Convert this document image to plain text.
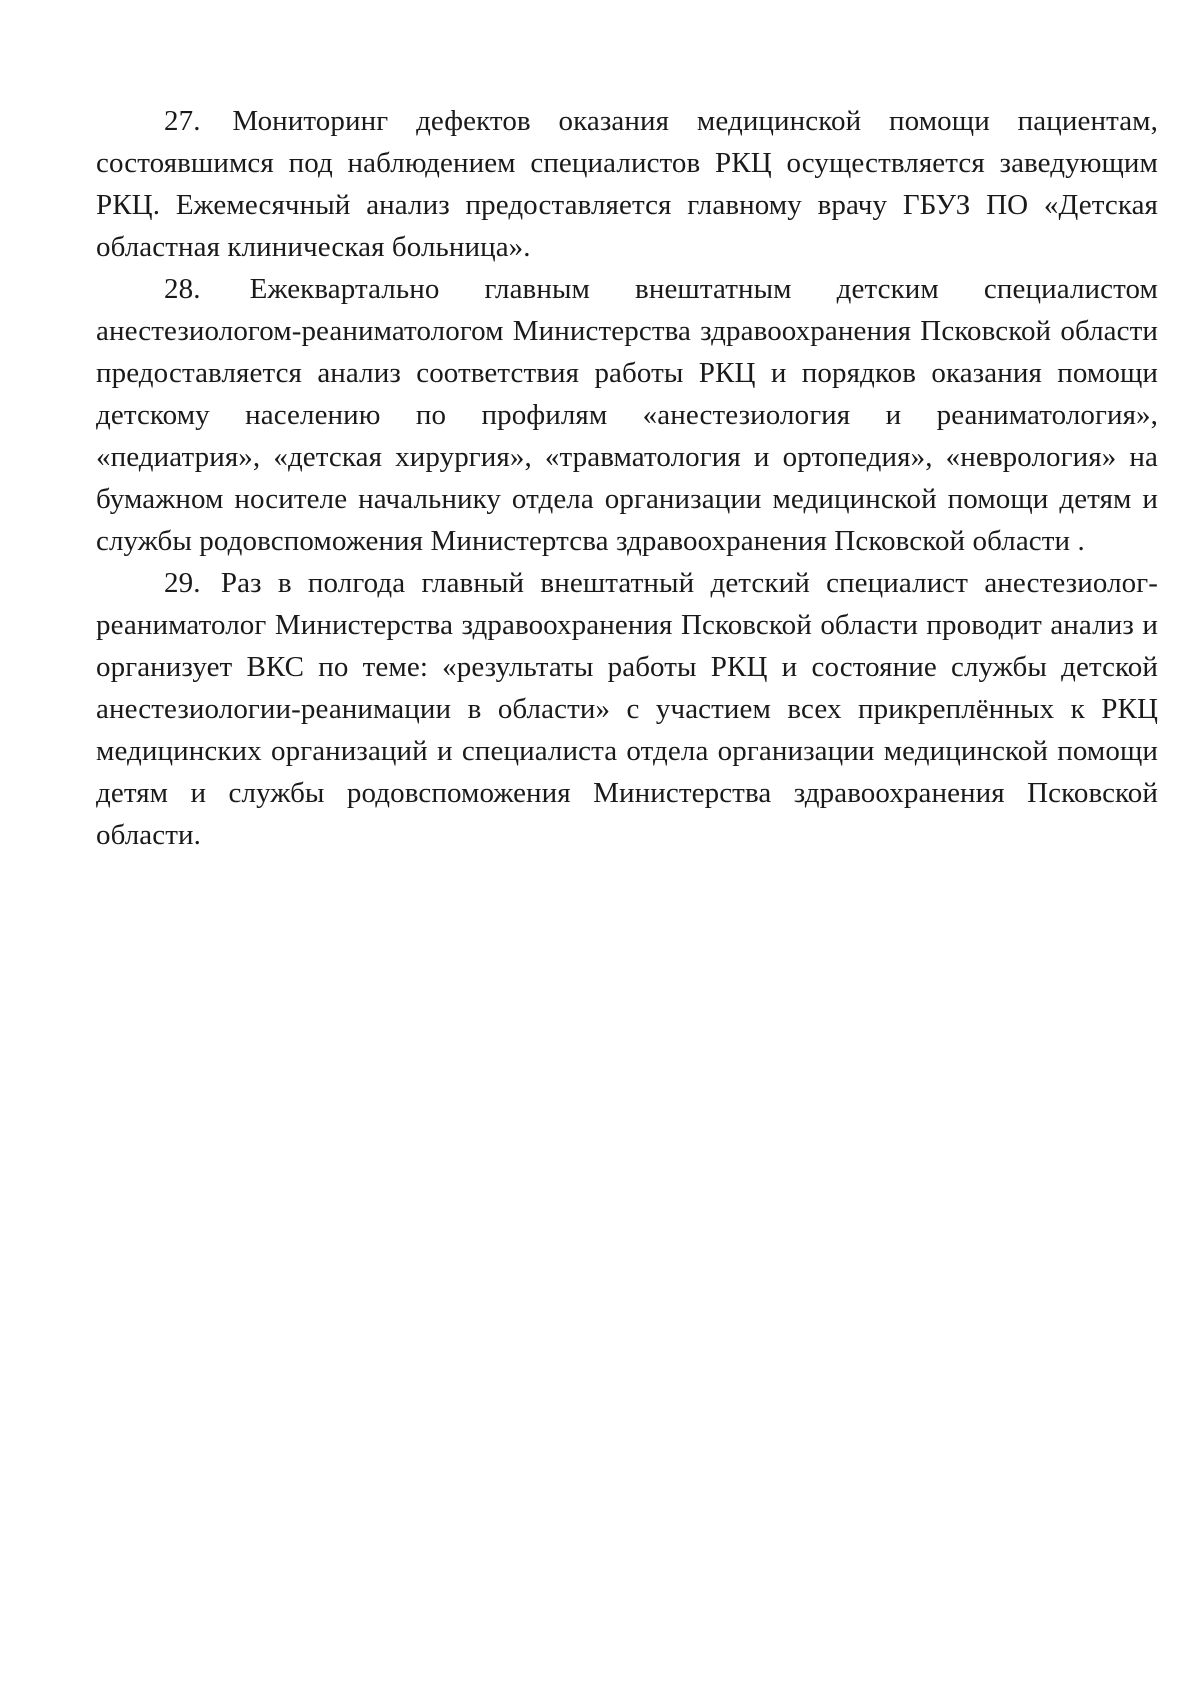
27. Мониторинг дефектов оказания медицинской помощи пациентам, состоявшимся под наблюдением специалистов РКЦ осуществляется заведующим РКЦ. Ежемесячный анализ предоставляется главному врачу ГБУЗ ПО «Детская областная клиническая больница».

28. Ежеквартально главным внештатным детским специалистом анестезиологом-реаниматологом Министерства здравоохранения Псковской области предоставляется анализ соответствия работы РКЦ и порядков оказания помощи детскому населению по профилям «анестезиология и реаниматология», «педиатрия», «детская хирургия», «травматология и ортопедия», «неврология» на бумажном носителе начальнику отдела организации медицинской помощи детям и службы родовспоможения Министертсва здравоохранения Псковской области .

29. Раз в полгода главный внештатный детский специалист анестезиолог-реаниматолог Министерства здравоохранения Псковской области проводит анализ и организует ВКС по теме: «результаты работы РКЦ и состояние службы детской анестезиологии-реанимации в области» с участием всех прикреплённых к РКЦ медицинских организаций и специалиста отдела организации медицинской помощи детям и службы родовспоможения Министерства здравоохранения Псковской области.
